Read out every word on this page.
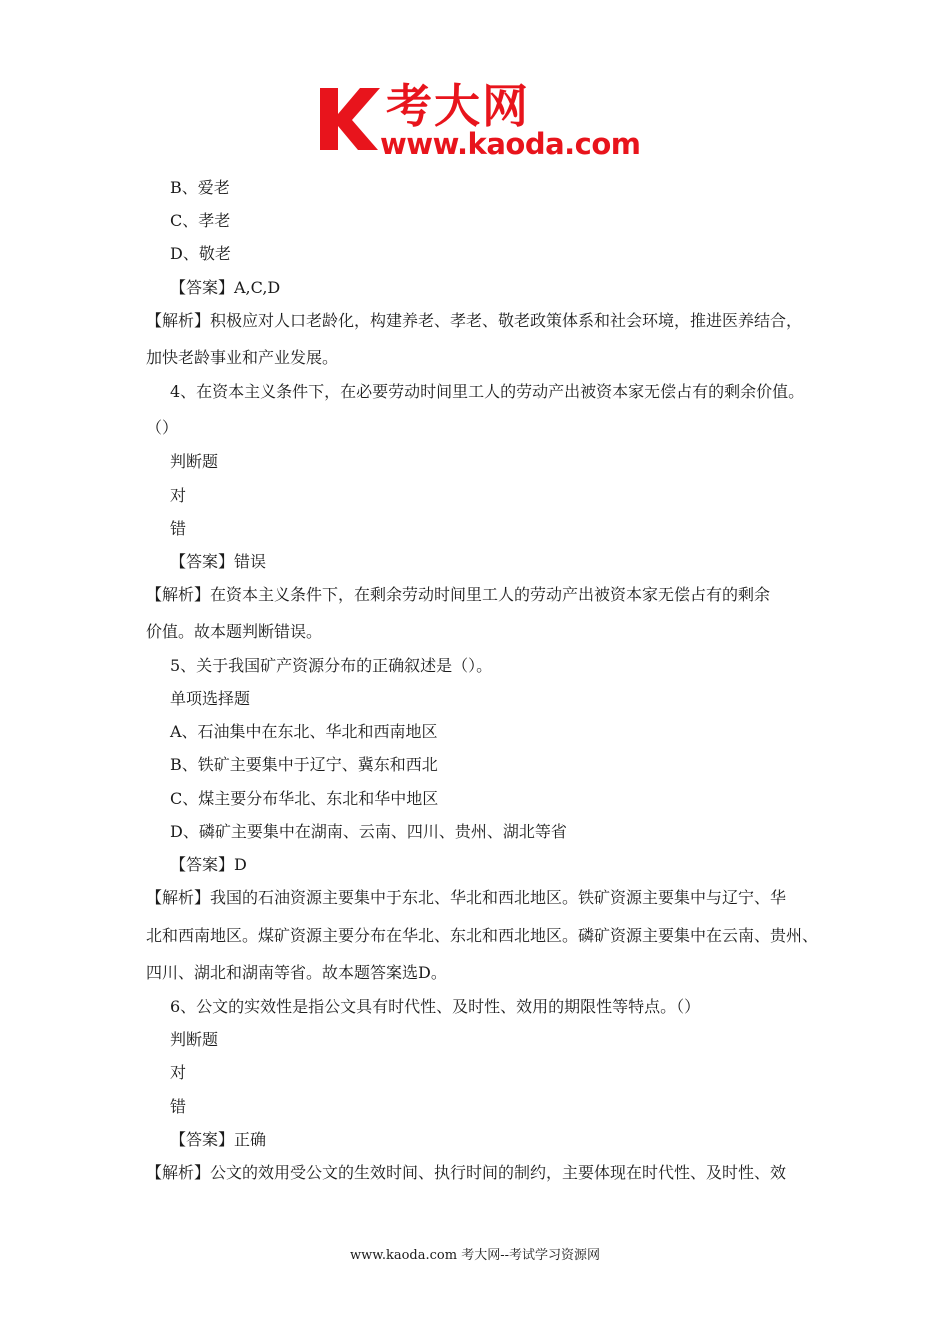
考大网
www.kaoda.com
B、爱老
C、孝老
D、敬老
【答案】A,C,D
【解析】积极应对人口老龄化，构建养老、孝老、敬老政策体系和社会环境，推进医养结合，
加快老龄事业和产业发展。
4、在资本主义条件下，在必要劳动时间里工人的劳动产出被资本家无偿占有的剩余价值。
（）
判断题
对
错
【答案】错误
【解析】在资本主义条件下，在剩余劳动时间里工人的劳动产出被资本家无偿占有的剩余
价值。故本题判断错误。
5、关于我国矿产资源分布的正确叙述是（）。
单项选择题
A、石油集中在东北、华北和西南地区
B、铁矿主要集中于辽宁、冀东和西北
C、煤主要分布华北、东北和华中地区
D、磷矿主要集中在湖南、云南、四川、贵州、湖北等省
【答案】D
【解析】我国的石油资源主要集中于东北、华北和西北地区。铁矿资源主要集中与辽宁、华
北和西南地区。煤矿资源主要分布在华北、东北和西北地区。磷矿资源主要集中在云南、贵州、
四川、湖北和湖南等省。故本题答案选D。
6、公文的实效性是指公文具有时代性、及时性、效用的期限性等特点。（）
判断题
对
错
【答案】正确
【解析】公文的效用受公文的生效时间、执行时间的制约，主要体现在时代性、及时性、效
www.kaoda.com 考大网--考试学习资源网
